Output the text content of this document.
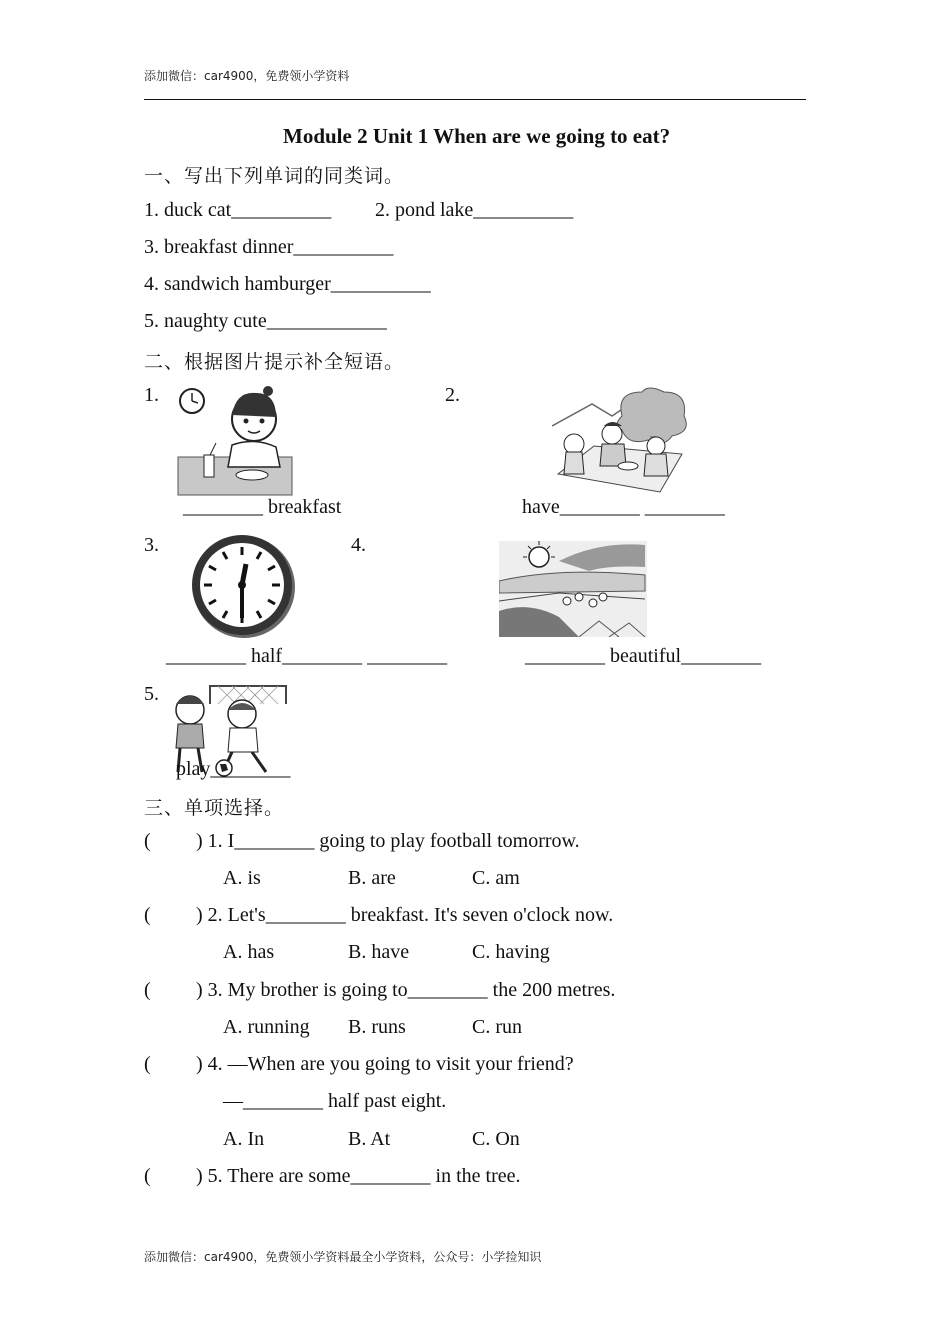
添加微信：car4900，免费领小学资料
Module 2 Unit 1 When are we going to eat?
一、写出下列单词的同类词。
1. duck cat__________ 2. pond lake__________
3. breakfast dinner__________
4. sandwich hamburger__________
5. naughty cute____________
二、根据图片提示补全短语。
1.	2.
________ breakfast	have________ ________
3.	4.
________ half________ ________	________ beautiful________
5.
play________
三、单项选择。
( ) 1. I________ going to play football tomorrow.
A. is	B. are	C. am
( ) 2. Let's________ breakfast. It's seven o'clock now.
A. has	B. have	C. having
( ) 3. My brother is going to________ the 200 metres.
A. running B. runs	C. run
( ) 4. —When are you going to visit your friend?
—________ half past eight.
A. In	B. At	C. On
( ) 5. There are some________ in the tree.
添加微信：car4900，免费领小学资料最全小学资料，公众号：小学捡知识
